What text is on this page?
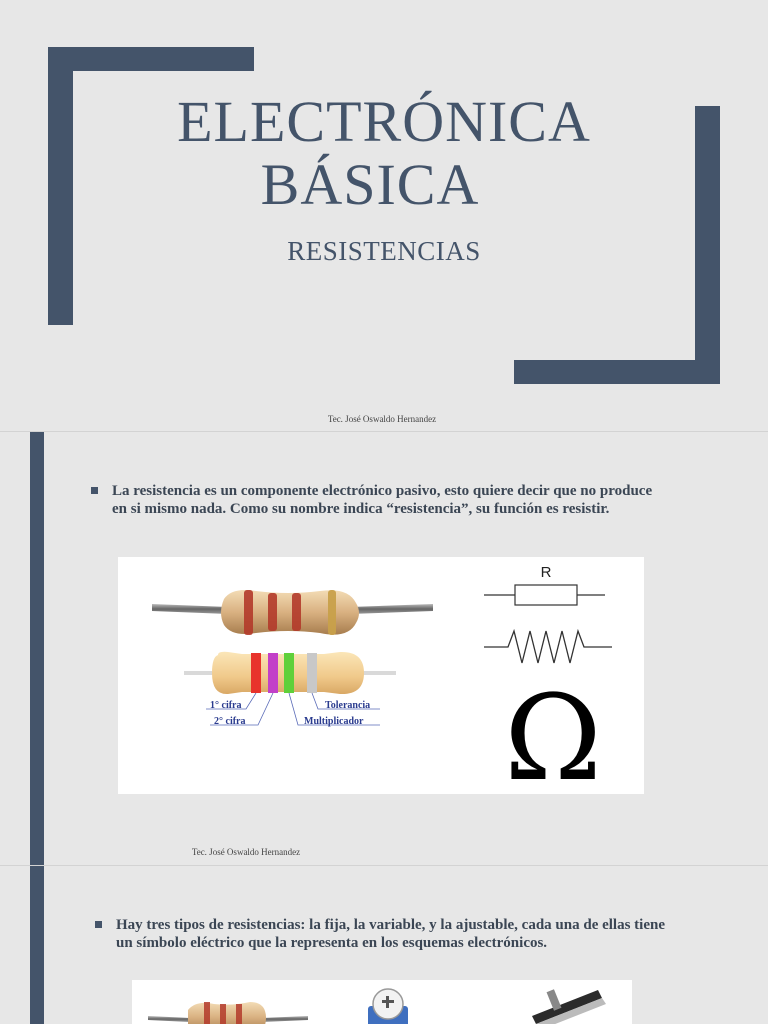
ELECTRÓNICA
BÁSICA
RESISTENCIAS
Tec. José Oswaldo Hernandez
La resistencia es un componente electrónico pasivo, esto quiere decir que no produce en si mismo nada. Como su nombre indica “resistencia”, su función es resistir.
1° cifra
2° cifra
Tolerancia
Multiplicador
R
Ω
Tec. José Oswaldo Hernandez
Hay tres tipos de resistencias: la fija, la variable, y la ajustable, cada una de ellas tiene un símbolo eléctrico que la representa en los esquemas electrónicos.
